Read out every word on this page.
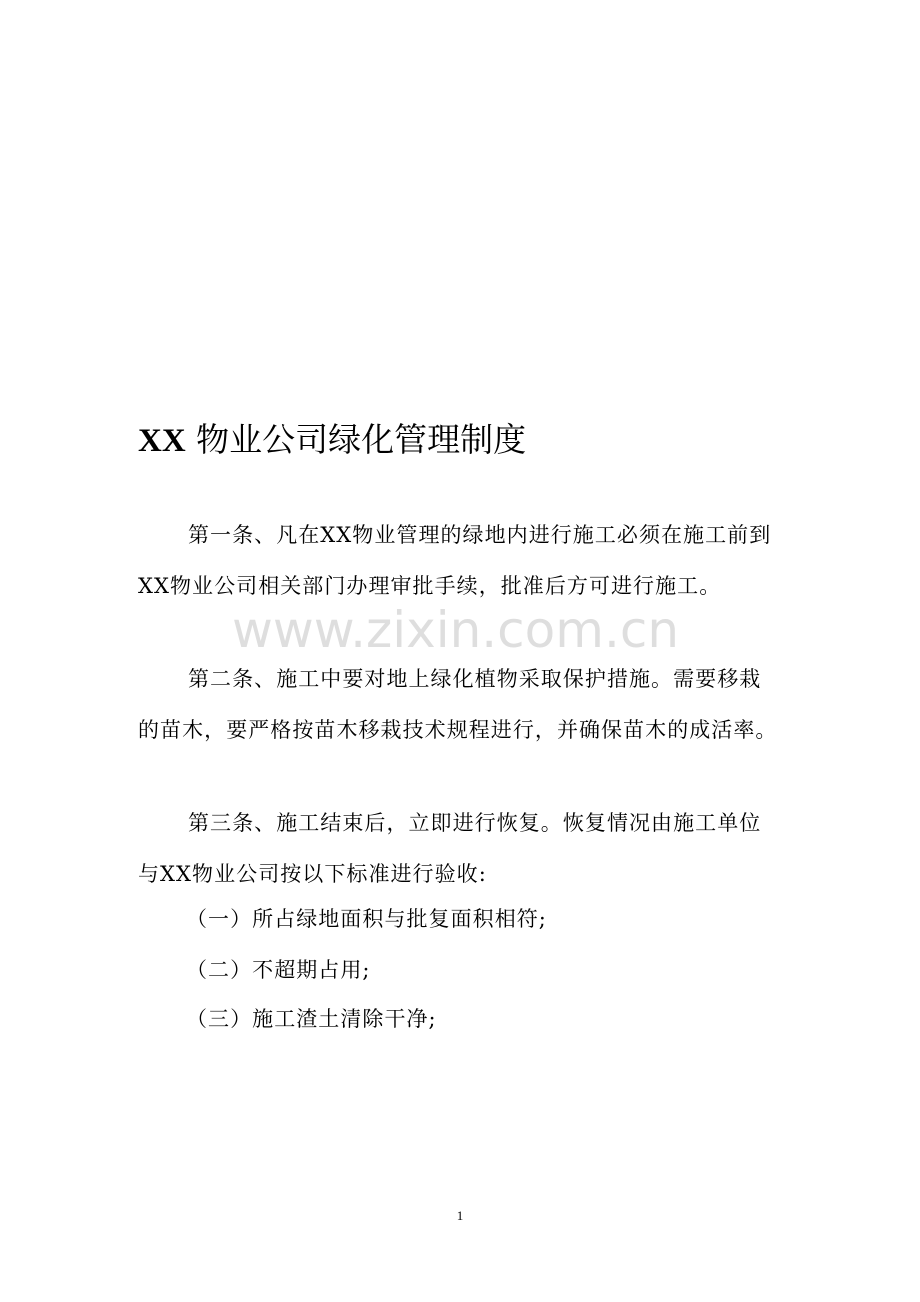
XX 物业公司绿化管理制度
www.zixin.com.cn

第一条、凡在XX物业管理的绿地内进行施工必须在施工前到XX物业公司相关部门办理审批手续，批准后方可进行施工。

第二条、施工中要对地上绿化植物采取保护措施。需要移栽的苗木，要严格按苗木移栽技术规程进行，并确保苗木的成活率。

第三条、施工结束后，立即进行恢复。恢复情况由施工单位与XX物业公司按以下标准进行验收:

（一）所占绿地面积与批复面积相符;

（二）不超期占用;

（三）施工渣土清除干净;

1
